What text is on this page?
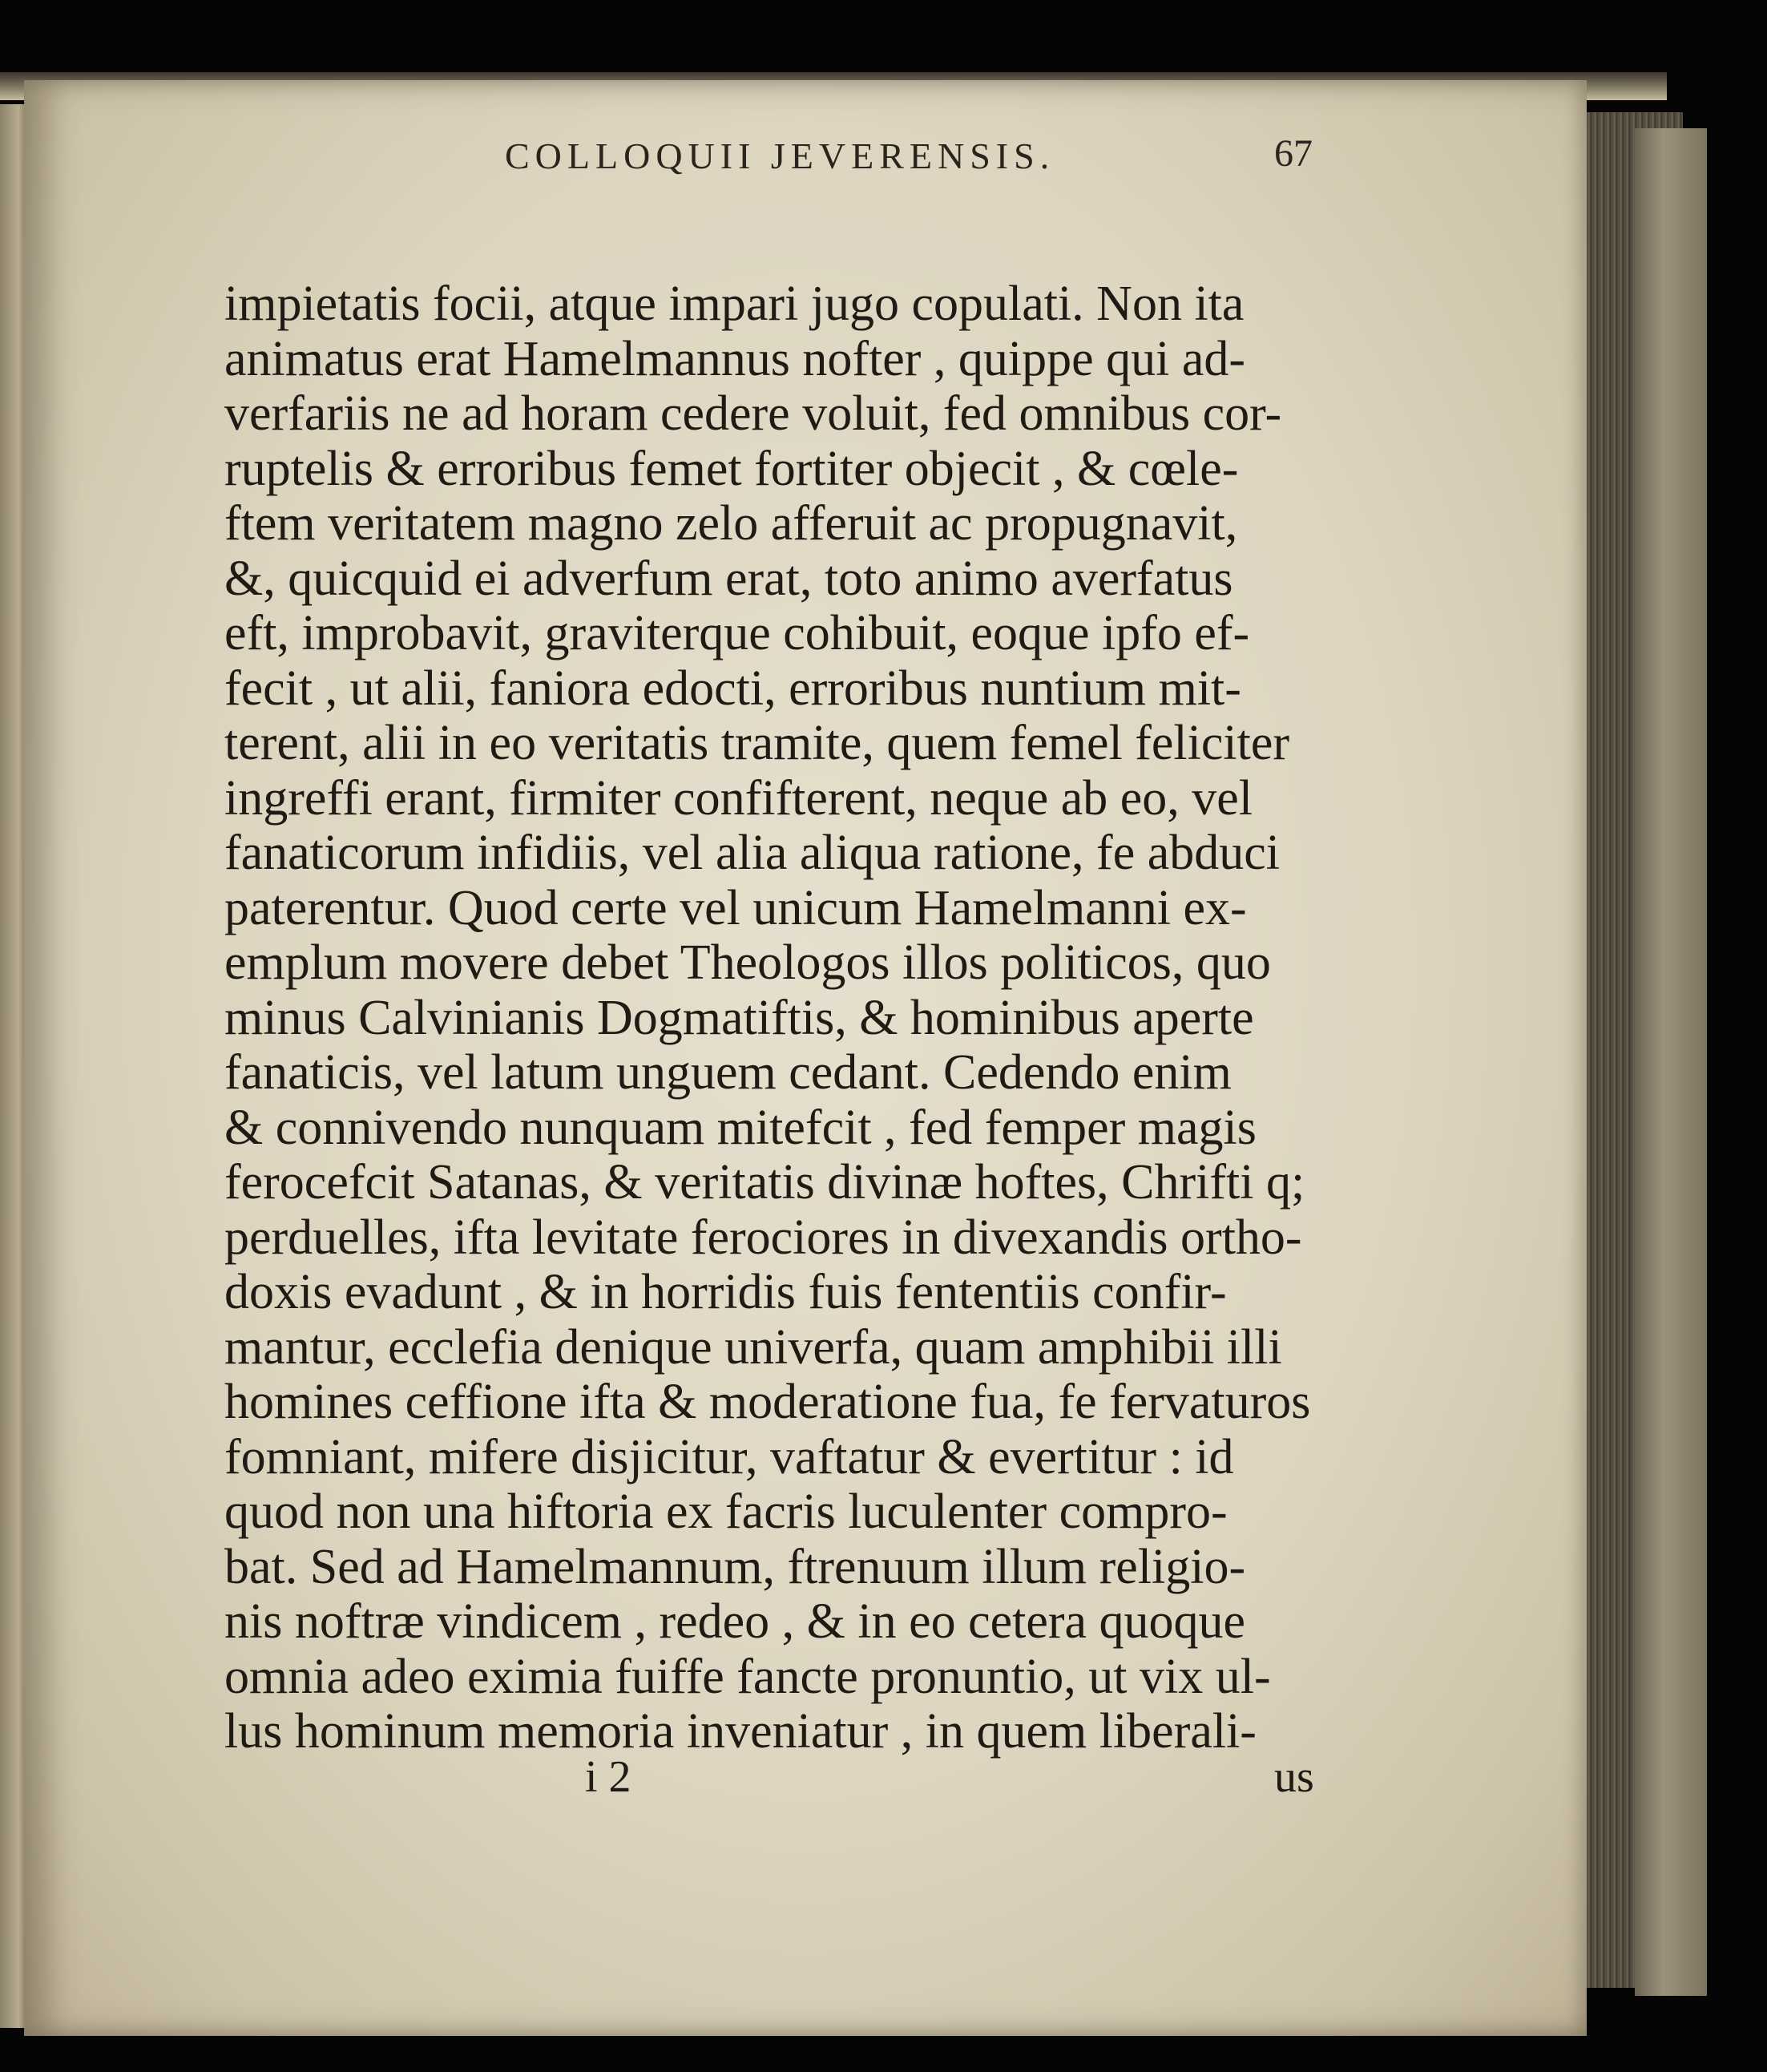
COLLOQUII JEVERENSIS.	67
impietatis focii, atque impari jugo copulati. Non ita
animatus erat Hamelmannus nofter , quippe qui ad-
verfariis ne ad horam cedere voluit, fed omnibus cor-
ruptelis & erroribus femet fortiter objecit , & cœle-
ftem veritatem magno zelo afferuit ac propugnavit,
&, quicquid ei adverfum erat, toto animo averfatus
eft, improbavit, graviterque cohibuit, eoque ipfo ef-
fecit , ut alii, faniora edocti, erroribus nuntium mit-
terent, alii in eo veritatis tramite, quem femel feliciter
ingreffi erant, firmiter confifterent, neque ab eo, vel
fanaticorum infidiis, vel alia aliqua ratione, fe abduci
paterentur. Quod certe vel unicum Hamelmanni ex-
emplum movere debet Theologos illos politicos, quo
minus Calvinianis Dogmatiftis, & hominibus aperte
fanaticis, vel latum unguem cedant. Cedendo enim
& connivendo nunquam mitefcit , fed femper magis
ferocefcit Satanas, & veritatis divinæ hoftes, Chrifti q;
perduelles, ifta levitate ferociores in divexandis ortho-
doxis evadunt , & in horridis fuis fententiis confir-
mantur, ecclefia denique univerfa, quam amphibii illi
homines ceffione ifta & moderatione fua, fe fervaturos
fomniant, mifere disjicitur, vaftatur & evertitur : id
quod non una hiftoria ex facris luculenter compro-
bat. Sed ad Hamelmannum, ftrenuum illum religio-
nis noftræ vindicem , redeo , & in eo cetera quoque
omnia adeo eximia fuiffe fancte pronuntio, ut vix ul-
lus hominum memoria inveniatur , in quem liberali-
i 2	us
